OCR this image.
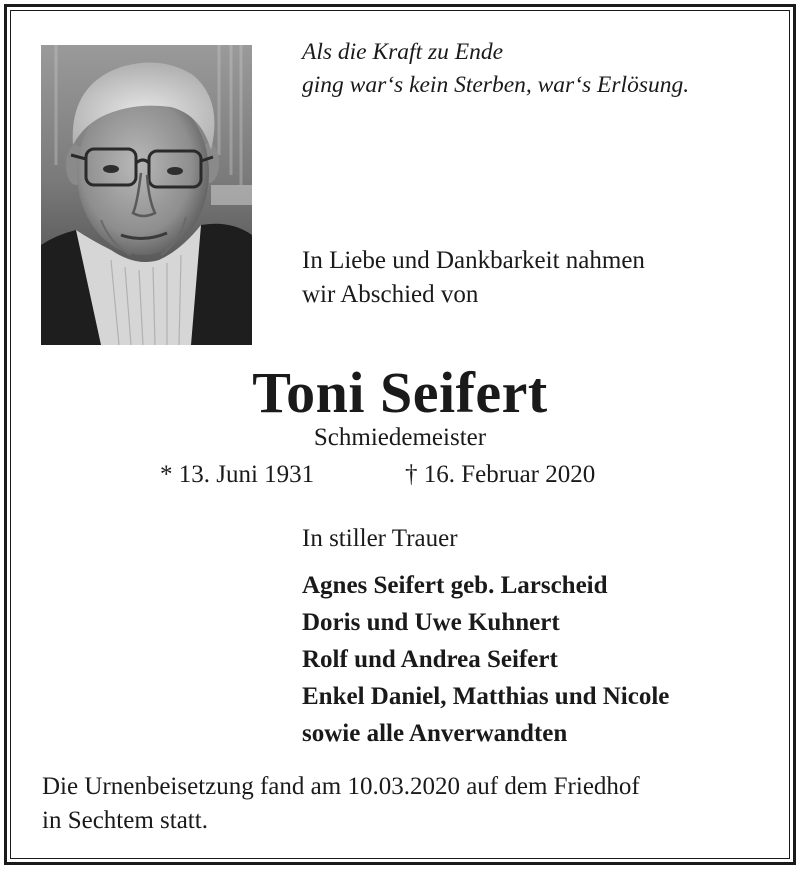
Als die Kraft zu Ende
ging war‘s kein Sterben, war‘s Erlösung.
In Liebe und Dankbarkeit nahmen
wir Abschied von
Toni Seifert
Schmiedemeister
* 13. Juni 1931	† 16. Februar 2020
In stiller Trauer
Agnes Seifert geb. Larscheid
Doris und Uwe Kuhnert
Rolf und Andrea Seifert
Enkel Daniel, Matthias und Nicole
sowie alle Anverwandten
Die Urnenbeisetzung fand am 10.03.2020 auf dem Friedhof
in Sechtem statt.
